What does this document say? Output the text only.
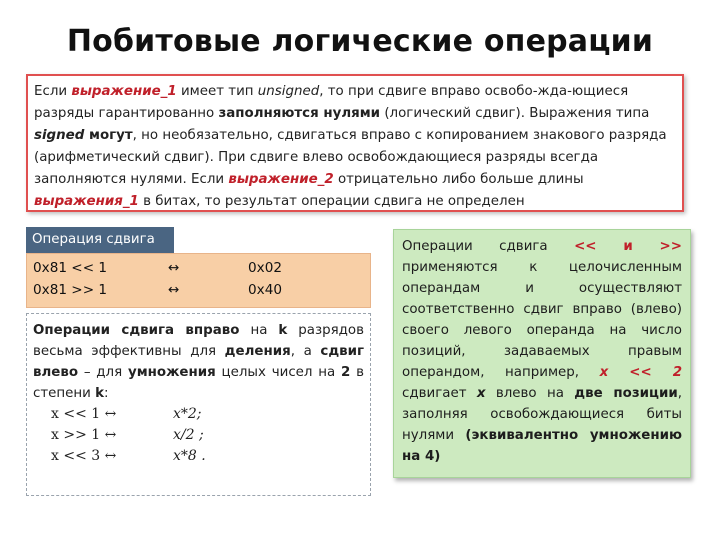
Побитовые логические операции
Если выражение_1 имеет тип unsigned, то при сдвиге вправо освобо-жда-ющиеся разряды гарантированно заполняются нулями (логический сдвиг). Выражения типа signed могут, но необязательно, сдвигаться вправо с копированием знакового разряда (арифметический сдвиг). При сдвиге влево освобождающиеся разряды всегда заполняются нулями. Если выражение_2 отрицательно либо больше длины выражения_1 в битах, то результат операции сдвига не определен
Операция сдвига
0x81 << 1	↔	0x02
0x81 >> 1	↔	0x40
Операции сдвига вправо на k разрядов весьма эффективны для деления, а сдвиг влево – для умножения целых чисел на 2 в степени k:
x << 1 ↔	x*2;
x >> 1 ↔	x/2 ;
x << 3 ↔	x*8 .
Операции сдвига << и >> применяются к целочисленным операндам и осуществляют соответственно сдвиг вправо (влево) своего левого операнда на число позиций, задаваемых правым операндом, например, x << 2 сдвигает x влево на две позиции, заполняя освобождающиеся биты нулями (эквивалентно умножению на 4)
